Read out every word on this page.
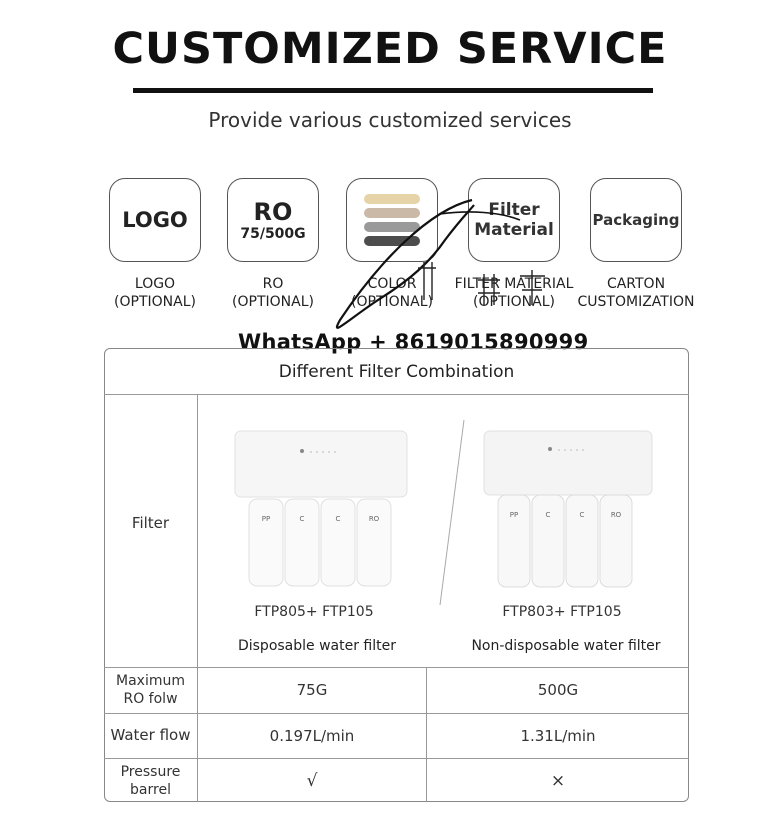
CUSTOMIZED SERVICE
Provide various customized services
LOGO	RO
75/500G
Filter
Material	Packaging
LOGO
(OPTIONAL)
RO
(OPTIONAL)
COLOR
(OPTIONAL)
FILTER MATERIAL
(OPTIONAL)
CARTON
CUSTOMIZATION
WhatsApp + 8619015890999
Different Filter Combination
Filter	PP	C	C	RO	PP	C	C	RO
FTP805+ FTP105	FTP803+ FTP105
Disposable water filter	Non-disposable water filter
Maximum RO folw	75G	500G
Water flow	0.197L/min	1.31L/min
Pressure barrel	√	×
